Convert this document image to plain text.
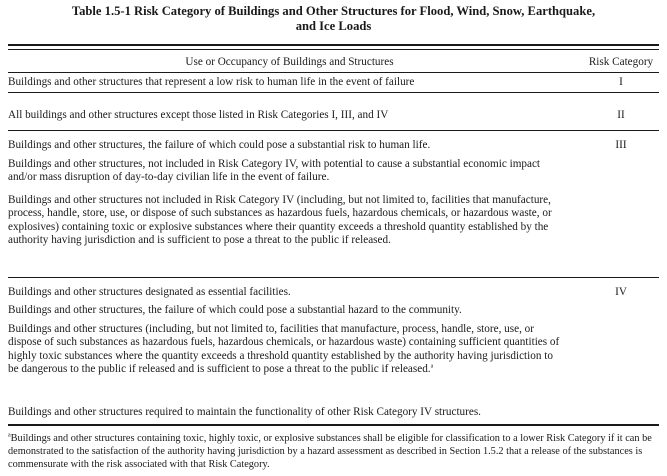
Table 1.5-1 Risk Category of Buildings and Other Structures for Flood, Wind, Snow, Earthquake,
and Ice Loads
Use or Occupancy of Buildings and Structures	Risk Category
Buildings and other structures that represent a low risk to human life in the event of failure	I
All buildings and other structures except those listed in Risk Categories I, III, and IV	II
Buildings and other structures, the failure of which could pose a substantial risk to human life.	III
Buildings and other structures, not included in Risk Category IV, with potential to cause a substantial economic impact and/or mass disruption of day-to-day civilian life in the event of failure.
Buildings and other structures not included in Risk Category IV (including, but not limited to, facilities that manufacture, process, handle, store, use, or dispose of such substances as hazardous fuels, hazardous chemicals, or hazardous waste, or explosives) containing toxic or explosive substances where their quantity exceeds a threshold quantity established by the authority having jurisdiction and is sufficient to pose a threat to the public if released.
Buildings and other structures designated as essential facilities.	IV
Buildings and other structures, the failure of which could pose a substantial hazard to the community.
Buildings and other structures (including, but not limited to, facilities that manufacture, process, handle, store, use, or dispose of such substances as hazardous fuels, hazardous chemicals, or hazardous waste) containing sufficient quantities of highly toxic substances where the quantity exceeds a threshold quantity established by the authority having jurisdiction to be dangerous to the public if released and is sufficient to pose a threat to the public if released.$^a$
Buildings and other structures required to maintain the functionality of other Risk Category IV structures.
$^a$Buildings and other structures containing toxic, highly toxic, or explosive substances shall be eligible for classification to a lower Risk Category if it can be demonstrated to the satisfaction of the authority having jurisdiction by a hazard assessment as described in Section 1.5.2 that a release of the substances is commensurate with the risk associated with that Risk Category.
